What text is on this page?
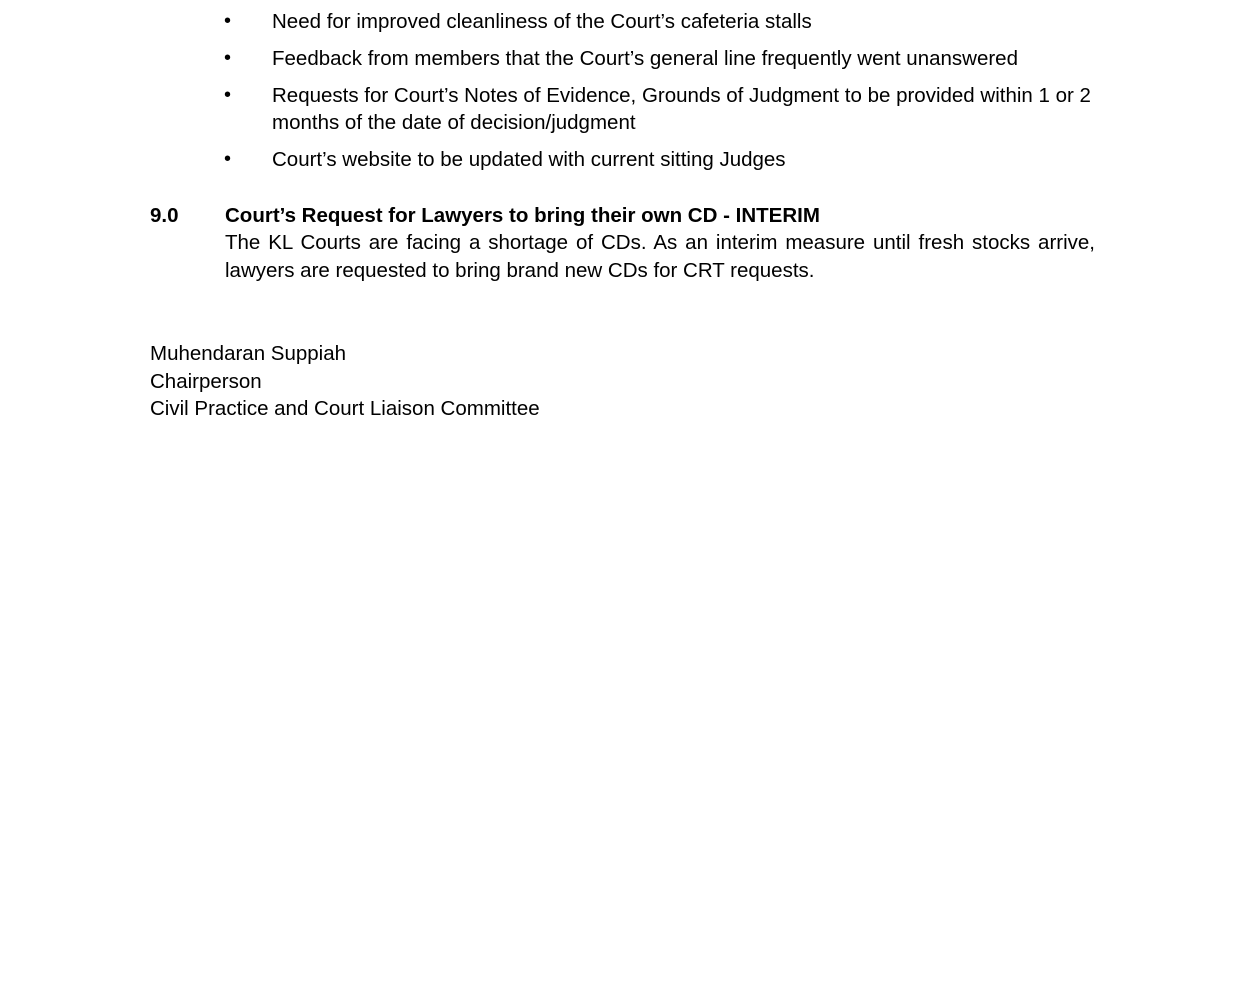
• Need for improved cleanliness of the Court’s cafeteria stalls
• Feedback from members that the Court’s general line frequently went unanswered
• Requests for Court’s Notes of Evidence, Grounds of Judgment to be provided within 1 or 2 months of the date of decision/judgment
• Court’s website to be updated with current sitting Judges
9.0 Court’s Request for Lawyers to bring their own CD - INTERIM

The KL Courts are facing a shortage of CDs. As an interim measure until fresh stocks arrive, lawyers are requested to bring brand new CDs for CRT requests.

Muhendaran Suppiah
Chairperson
Civil Practice and Court Liaison Committee
